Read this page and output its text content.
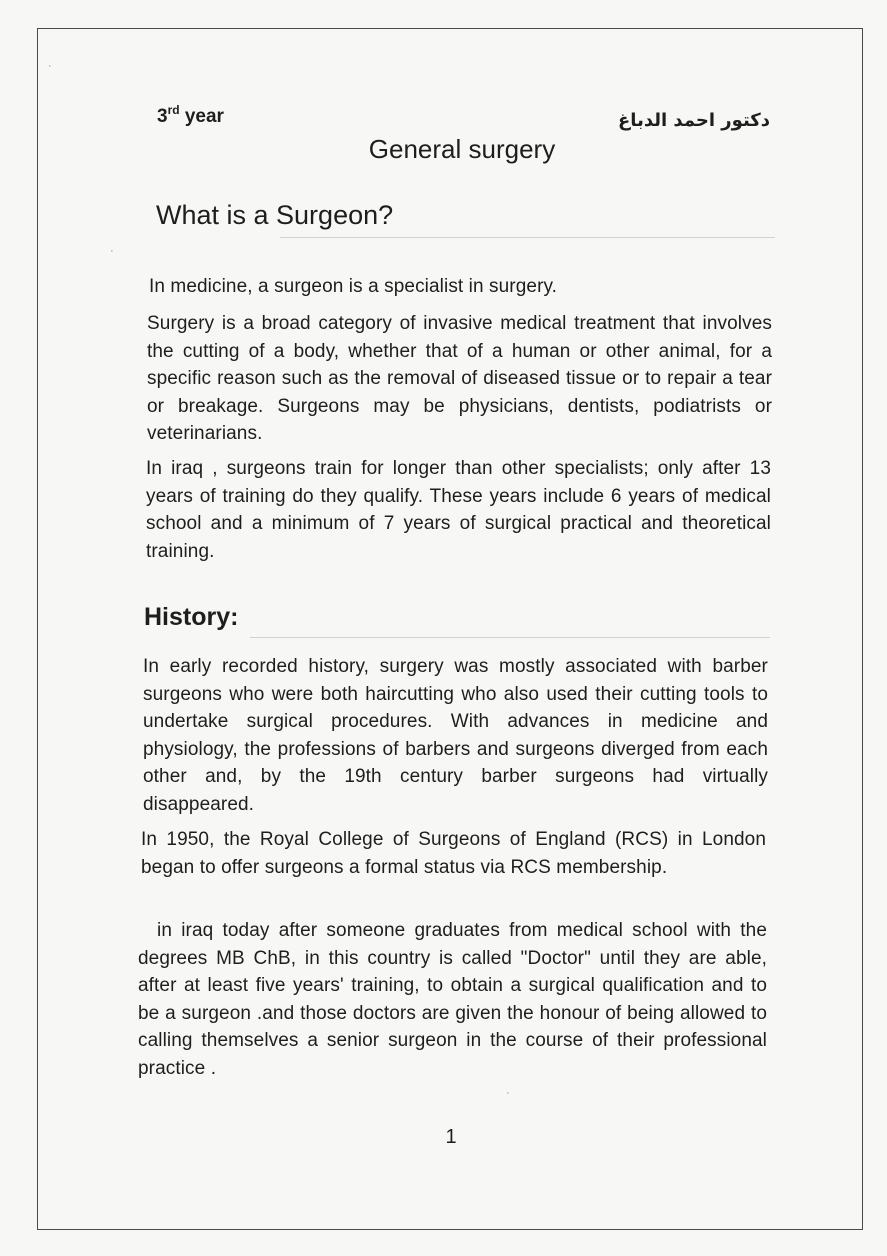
3rd year	دكتور احمد الدباغ
General surgery
What is a Surgeon?

In medicine, a surgeon is a specialist in surgery.

Surgery is a broad category of invasive medical treatment that involves the cutting of a body, whether that of a human or other animal, for a specific reason such as the removal of diseased tissue or to repair a tear or breakage. Surgeons may be physicians, dentists, podiatrists or veterinarians.

In iraq , surgeons train for longer than other specialists; only after 13 years of training do they qualify. These years include 6 years of medical school and a minimum of 7 years of surgical practical and theoretical training.

History:

In early recorded history, surgery was mostly associated with barber surgeons who were both haircutting who also used their cutting tools to undertake surgical procedures. With advances in medicine and physiology, the professions of barbers and surgeons diverged from each other and, by the 19th century barber surgeons had virtually disappeared.

In 1950, the Royal College of Surgeons of England (RCS) in London began to offer surgeons a formal status via RCS membership.

in iraq today after someone graduates from medical school with the degrees MB ChB, in this country is called "Doctor" until they are able, after at least five years' training, to obtain a surgical qualification and to be a surgeon .and those doctors are given the honour of being allowed to calling themselves a senior surgeon in the course of their professional practice .

1
·
·
·
